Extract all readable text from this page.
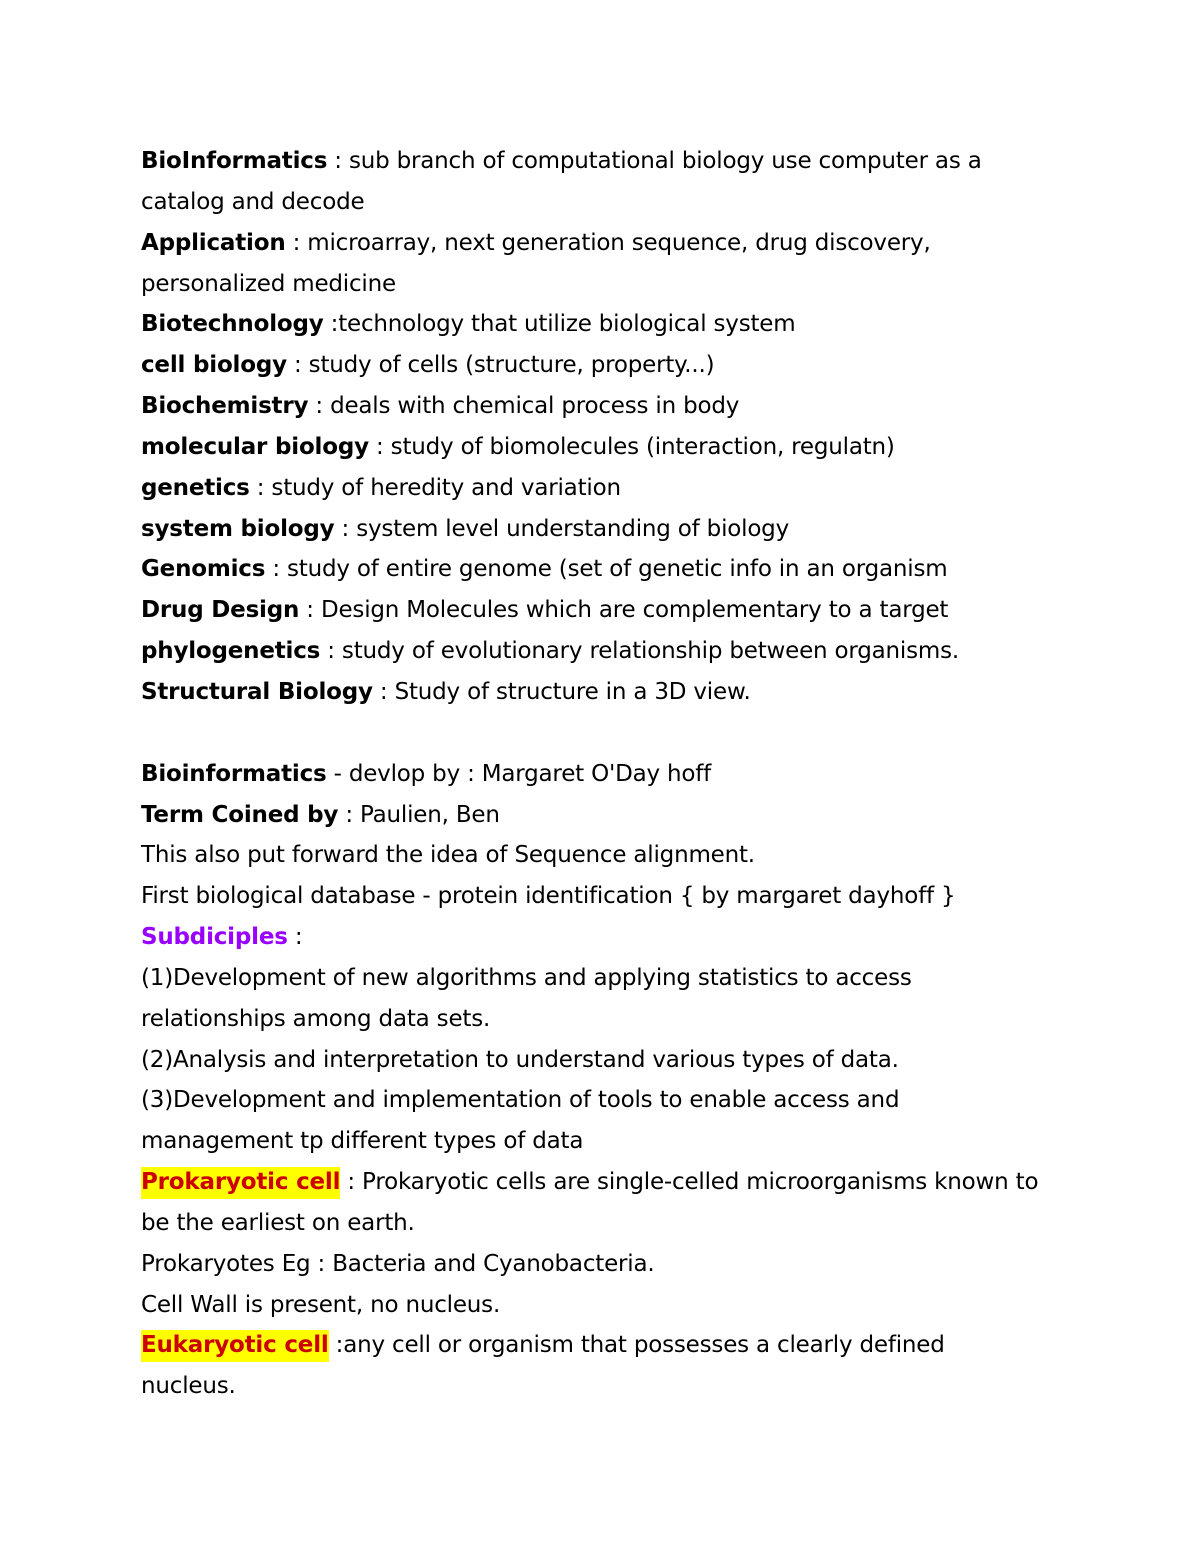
BioInformatics : sub branch of computational biology use computer as a
catalog and decode
Application : microarray, next generation sequence, drug discovery,
personalized medicine
Biotechnology :technology that utilize biological system
cell biology : study of cells (structure, property...)
Biochemistry : deals with chemical process in body
molecular biology : study of biomolecules (interaction, regulatn)
genetics : study of heredity and variation
system biology : system level understanding of biology
Genomics : study of entire genome (set of genetic info in an organism
Drug Design : Design Molecules which are complementary to a target
phylogenetics : study of evolutionary relationship between organisms.
Structural Biology : Study of structure in a 3D view.
Bioinformatics - devlop by : Margaret O'Day hoff
Term Coined by : Paulien, Ben
This also put forward the idea of Sequence alignment.
First biological database - protein identification { by margaret dayhoff }
Subdiciples :
(1)Development of new algorithms and applying statistics to access
relationships among data sets.
(2)Analysis and interpretation to understand various types of data.
(3)Development and implementation of tools to enable access and
management tp different types of data
Prokaryotic cell : Prokaryotic cells are single-celled microorganisms known to
be the earliest on earth.
Prokaryotes Eg : Bacteria and Cyanobacteria.
Cell Wall is present, no nucleus.
Eukaryotic cell :any cell or organism that possesses a clearly defined
nucleus.
